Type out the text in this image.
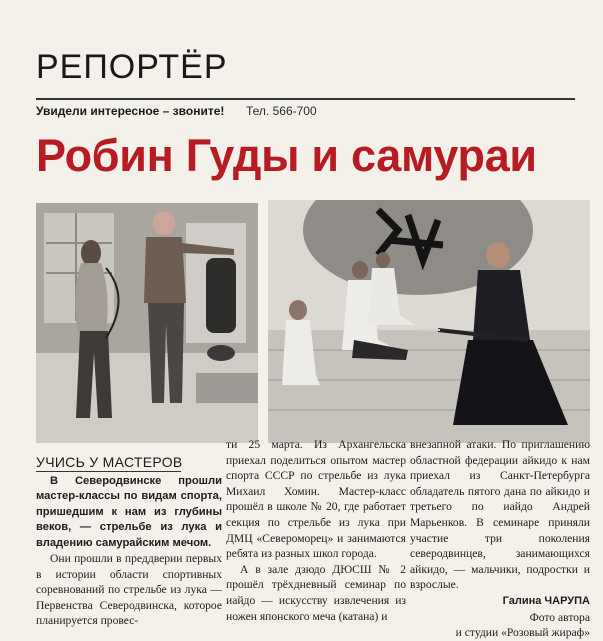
РЕПОРТЁР
Увидели интересное – звоните! Тел. 566-700
Робин Гуды и самураи
УЧИСЬ У МАСТЕРОВ

В Северодвинске прошли мастер-классы по видам спорта, пришедшим к нам из глубины веков, — стрельбе из лука и владению самурайским мечом.

Они прошли в преддверии первых в истории области спортивных соревнований по стрельбе из лука — Первенства Северодвинска, которое планируется провес-

ти 25 марта. Из Архангельска приехал поделиться опытом мастер спорта СССР по стрельбе из лука Михаил Хомин. Мастер-класс прошёл в школе № 20, где работает секция по стрельбе из лука при ДМЦ «Североморец» и занимаются ребята из разных школ города.

А в зале дзюдо ДЮСШ № 2 прошёл трёхдневный семинар по иайдо — искусству извлечения из ножен японского меча (катана) и

внезапной атаки. По приглашению областной федерации айкидо к нам приехал из Санкт-Петербурга обладатель пятого дана по айкидо и третьего по иайдо Андрей Марьенков. В семинаре приняли участие три поколения северодвинцев, занимающихся айкидо, — мальчики, подростки и взрослые.

Галина ЧАРУПА

Фото автора

и студии «Розовый жираф»
